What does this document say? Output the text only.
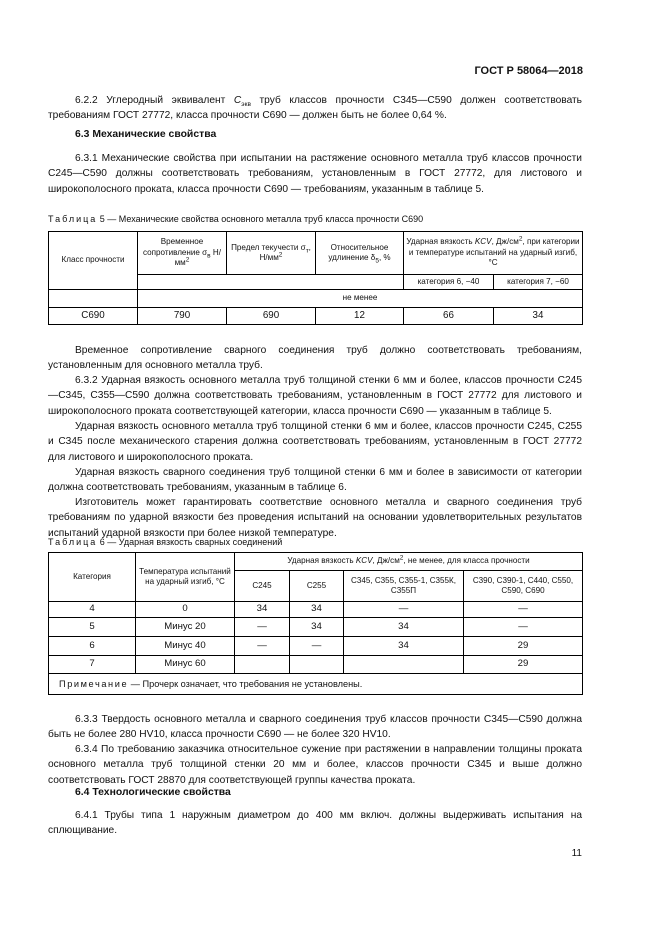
ГОСТ Р 58064—2018
6.2.2 Углеродный эквивалент $C_{экв}$ труб классов прочности С345—С590 должен соответствовать требованиям ГОСТ 27772, класса прочности С690 — должен быть не более 0,64 %.
6.3 Механические свойства
6.3.1 Механические свойства при испытании на растяжение основного металла труб классов прочности С245—С590 должны соответствовать требованиям, установленным в ГОСТ 27772, для листового и широкополосного проката, класса прочности С690 — требованиям, указанным в таблице 5.
Таблица 5 — Механические свойства основного металла труб класса прочности С690
Класс прочности	Временное сопротивление $\sigma_в$ $Н/мм^2$	Предел текучести $\sigma_т$, $Н/мм^2$	Относительное удлинение $\delta_5$, %	Ударная вязкость KCV, $Дж/см^2$, при категории и температуре испытаний на ударный изгиб, °С	
				категория 6, −40	категория 7, −60
	не менее				
С690	790	690	12	66	34
Временное сопротивление сварного соединения труб должно соответствовать требованиям, установленным для основного металла труб.
6.3.2 Ударная вязкость основного металла труб толщиной стенки 6 мм и более, классов прочности С245—С345, С355—С590 должна соответствовать требованиям, установленным в ГОСТ 27772 для листового и широкополосного проката соответствующей категории, класса прочности С690 — указанным в таблице 5.
Ударная вязкость основного металла труб толщиной стенки 6 мм и более, классов прочности С245, С255 и С345 после механического старения должна соответствовать требованиям, установленным в ГОСТ 27772 для листового и широкополосного проката.
Ударная вязкость сварного соединения труб толщиной стенки 6 мм и более в зависимости от категории должна соответствовать требованиям, указанным в таблице 6.
Изготовитель может гарантировать соответствие основного металла и сварного соединения труб требованиям по ударной вязкости без проведения испытаний на основании удовлетворительных результатов испытаний ударной вязкости при более низкой температуре.
Таблица 6 — Ударная вязкость сварных соединений
Категория	Температура испытаний на ударный изгиб, °С	Ударная вязкость KCV, $Дж/см^2$, не менее, для класса прочности			
		С245	С255	С345, С355, С355-1, С355К, С355П	С390, С390-1, С440, С550, С590, С690
4	0	34	34	—	—
5	Минус 20	—	34	34	—
6	Минус 40	—	—	34	29
7	Минус 60				29
Примечание — Прочерк означает, что требования не установлены.					
6.3.3 Твердость основного металла и сварного соединения труб классов прочности С345—С590 должна быть не более 280 HV10, класса прочности С690 — не более 320 HV10.
6.3.4 По требованию заказчика относительное сужение при растяжении в направлении толщины проката основного металла труб толщиной стенки 20 мм и более, классов прочности С345 и выше должно соответствовать ГОСТ 28870 для соответствующей группы качества проката.
6.4 Технологические свойства
6.4.1 Трубы типа 1 наружным диаметром до 400 мм включ. должны выдерживать испытания на сплющивание.
11
